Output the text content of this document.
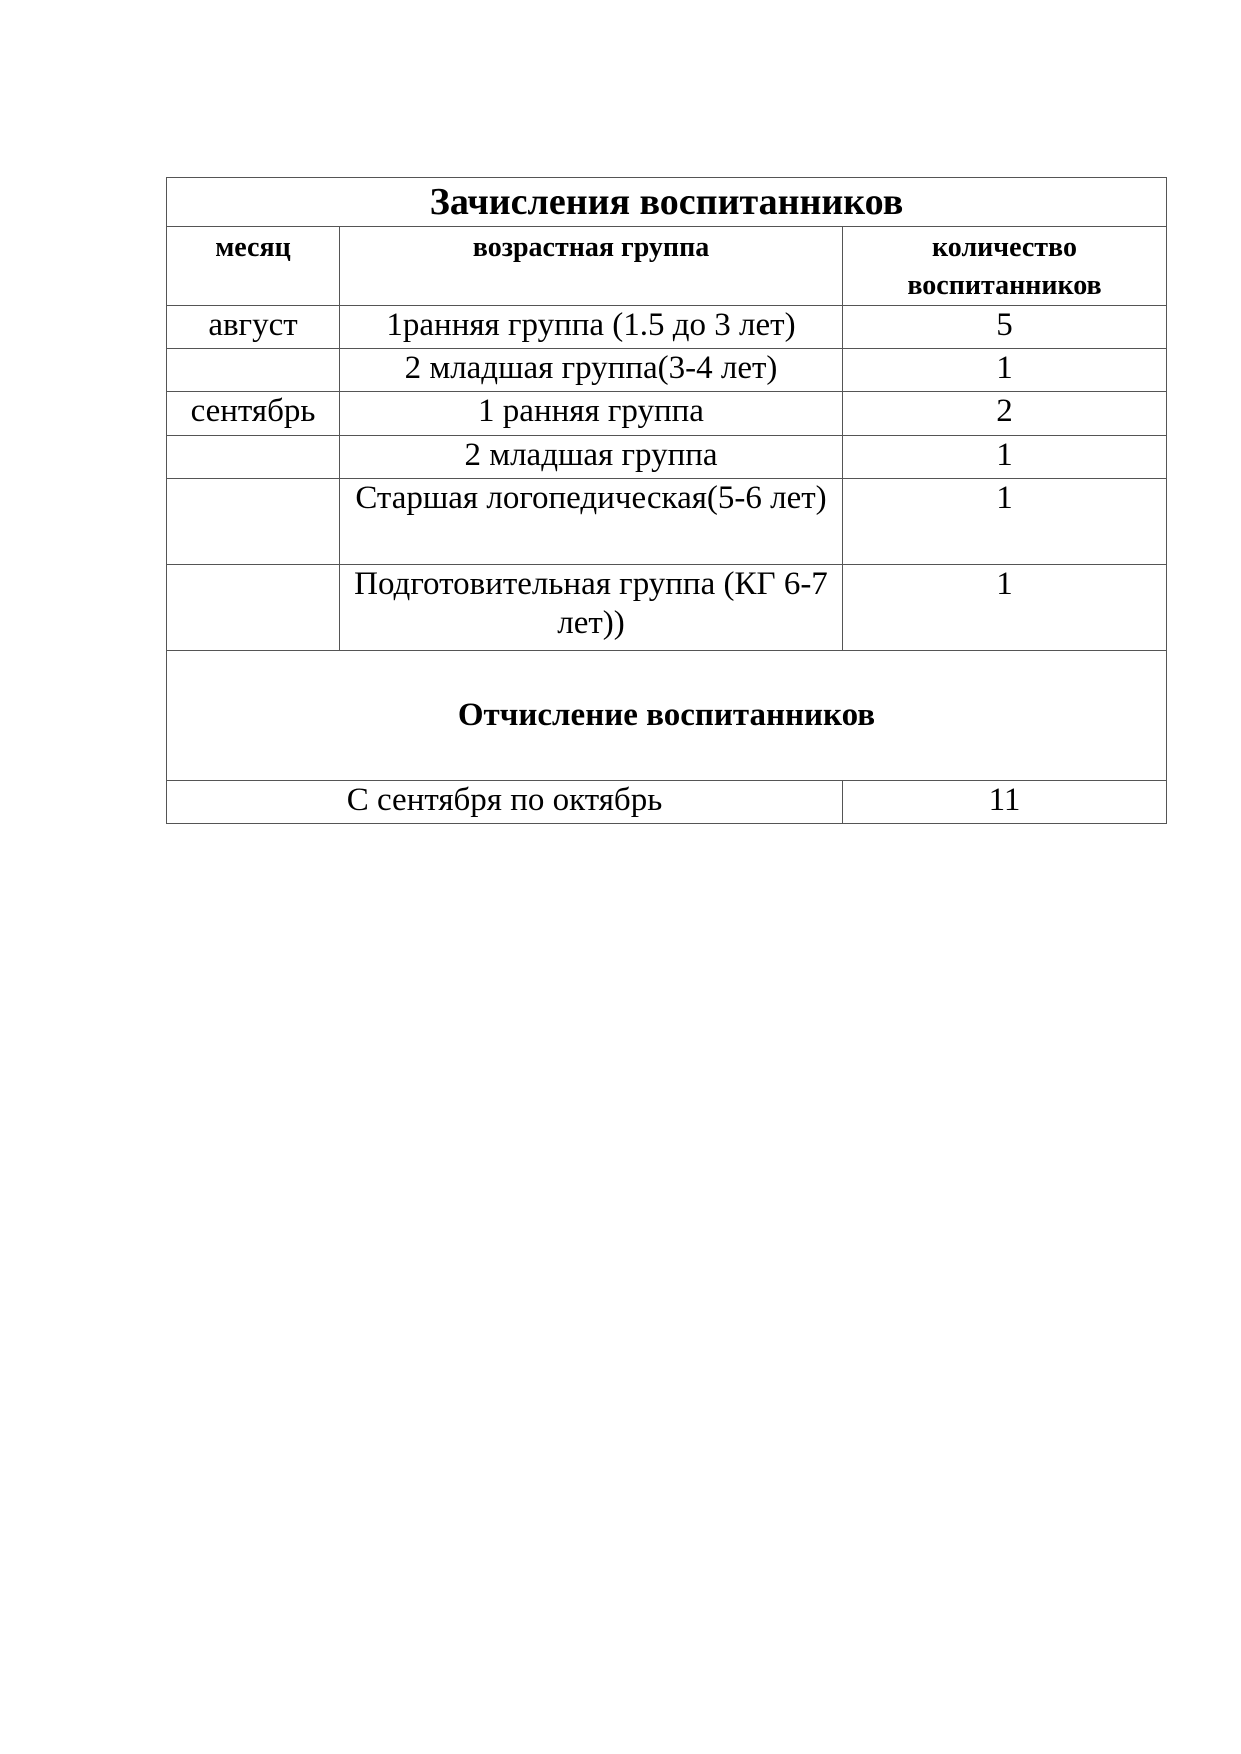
Зачисления воспитанников		
месяц	возрастная группа	количество
воспитанников

август	1ранняя группа (1.5 до 3 лет)	5
	2 младшая группа(3-4 лет)	1
сентябрь	1 ранняя группа	2
	2 младшая группа	1
	Старшая логопедическая(5-6 лет)	1
	Подготовительная группа (КГ 6-7 лет))	1
Отчисление воспитанников		
С сентября по октябрь		11
